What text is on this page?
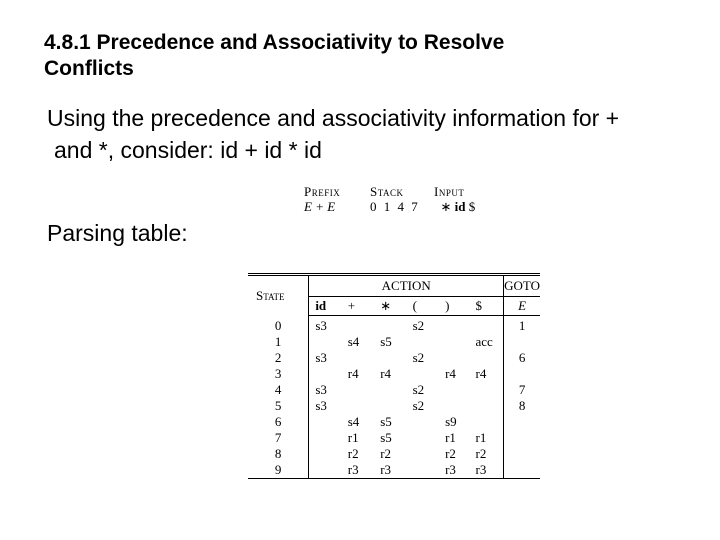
4.8.1 Precedence and Associativity to Resolve
Conflicts

Using the precedence and associativity information for +
and *, consider: id + id * id

Prefix	Stack	Input
E + E	0 1 4 7	∗ id $
Parsing table:
State	ACTION						GOTO
	id	+	∗	(	)	$	E
0	s3			s2			1
1		s4	s5			acc	
2	s3			s2			6
3		r4	r4		r4	r4	
4	s3			s2			7
5	s3			s2			8
6		s4	s5		s9		
7		r1	s5		r1	r1	
8		r2	r2		r2	r2	
9		r3	r3		r3	r3	
